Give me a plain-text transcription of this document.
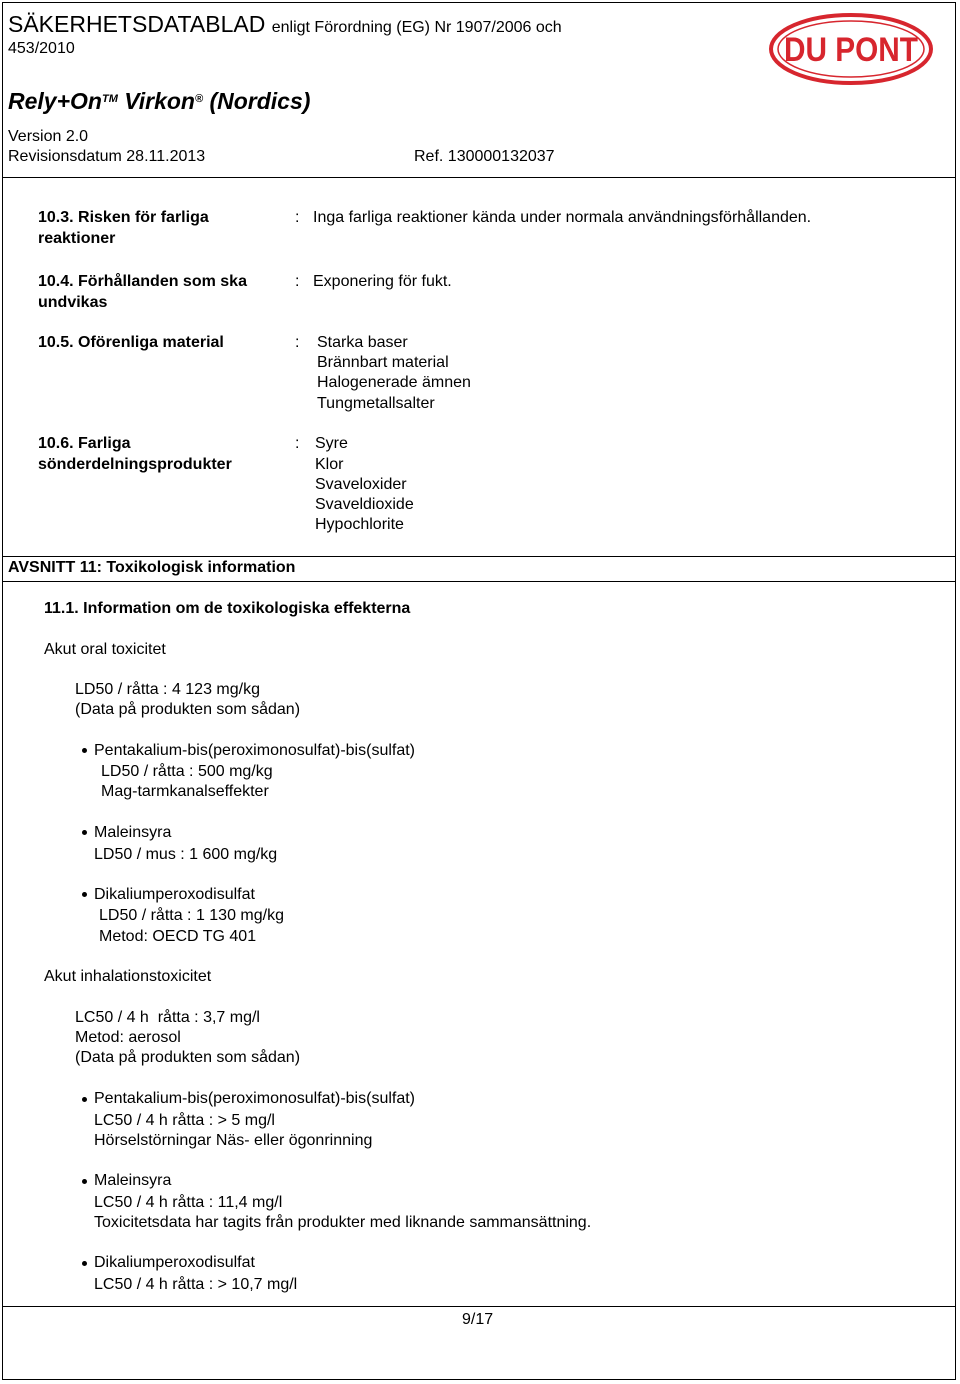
SÄKERHETSDATABLAD enligt Förordning (EG) Nr 1907/2006 och
453/2010
Rely+On™ Virkon® (Nordics)
Version 2.0
Revisionsdatum 28.11.2013	Ref. 130000132037
DU PONT
10.3. Risken för farliga
reaktioner
: Inga farliga reaktioner kända under normala användningsförhållanden.
10.4. Förhållanden som ska
undvikas
: Exponering för fukt.
10.5. Oförenliga material	: Starka baser
Brännbart material
Halogenerade ämnen
Tungmetallsalter
10.6. Farliga
sönderdelningsprodukter
: Syre
Klor
Svaveloxider
Svaveldioxide
Hypochlorite
AVSNITT 11: Toxikologisk information
11.1. Information om de toxikologiska effekterna
Akut oral toxicitet
LD50 / råtta : 4 123 mg/kg
(Data på produkten som sådan)
Pentakalium-bis(peroximonosulfat)-bis(sulfat)
LD50 / råtta : 500 mg/kg
Mag-tarmkanalseffekter
Maleinsyra
LD50 / mus : 1 600 mg/kg
Dikaliumperoxodisulfat
LD50 / råtta : 1 130 mg/kg
Metod: OECD TG 401
Akut inhalationstoxicitet
LC50 / 4 h  råtta : 3,7 mg/l
Metod: aerosol
(Data på produkten som sådan)
Pentakalium-bis(peroximonosulfat)-bis(sulfat)
LC50 / 4 h råtta : > 5 mg/l
Hörselstörningar Näs- eller ögonrinning
Maleinsyra
LC50 / 4 h råtta : 11,4 mg/l
Toxicitetsdata har tagits från produkter med liknande sammansättning.
Dikaliumperoxodisulfat
LC50 / 4 h råtta : > 10,7 mg/l
9/17
